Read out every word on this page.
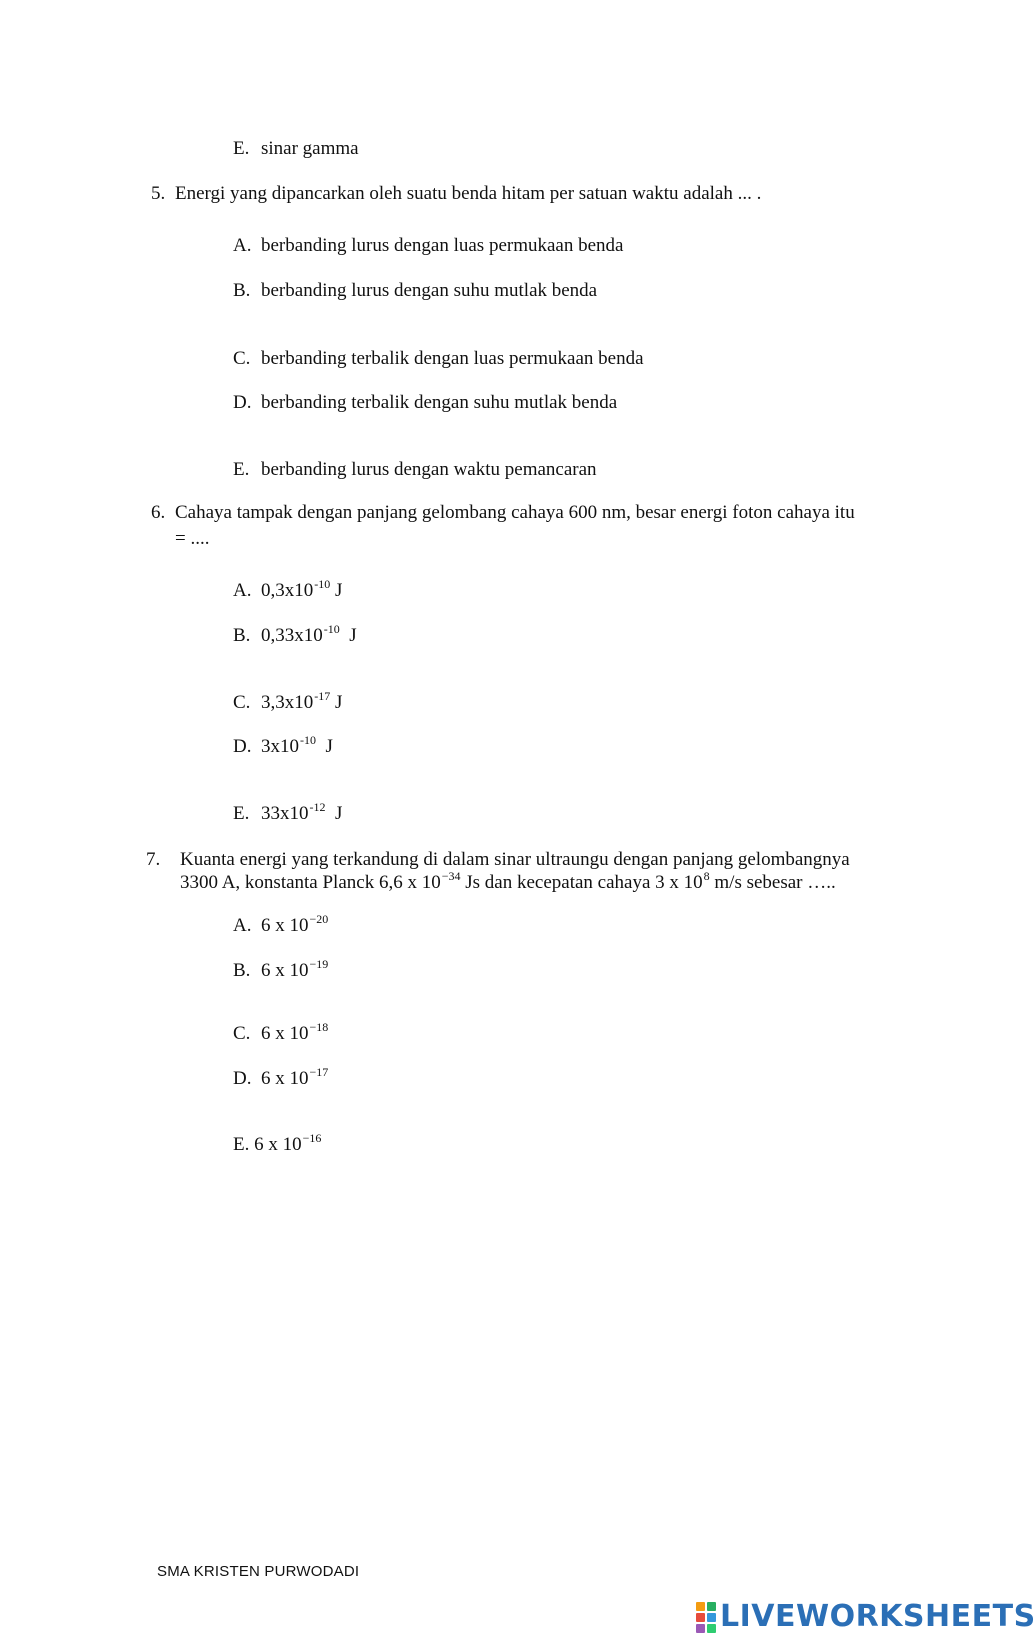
E. sinar gamma
5. Energi yang dipancarkan oleh suatu benda hitam per satuan waktu adalah ... .
A. berbanding lurus dengan luas permukaan benda
B. berbanding lurus dengan suhu mutlak benda
C. berbanding terbalik dengan luas permukaan benda
D. berbanding terbalik dengan suhu mutlak benda
E. berbanding lurus dengan waktu pemancaran
6. Cahaya tampak dengan panjang gelombang cahaya 600 nm, besar energi foton cahaya itu
= ....
A. $0,3x10^{-10}$ J
B. $0,33x10^{-10}$  J
C. $3,3x10^{-17}$ J
D. $3x10^{-10}$  J
E. $33x10^{-12}$  J
7. Kuanta energi yang terkandung di dalam sinar ultraungu dengan panjang gelombangnya
3300 A, konstanta Planck 6,6 x $10^{-34}$ Js dan kecepatan cahaya 3 x $10^8$ m/s sebesar …..
A. 6 x $10^{-20}$
B. 6 x $10^{-19}$
C. 6 x $10^{-18}$
D. 6 x $10^{-17}$
E. 6 x $10^{-16}$
SMA KRISTEN PURWODADI
LIVEWORKSHEETS
